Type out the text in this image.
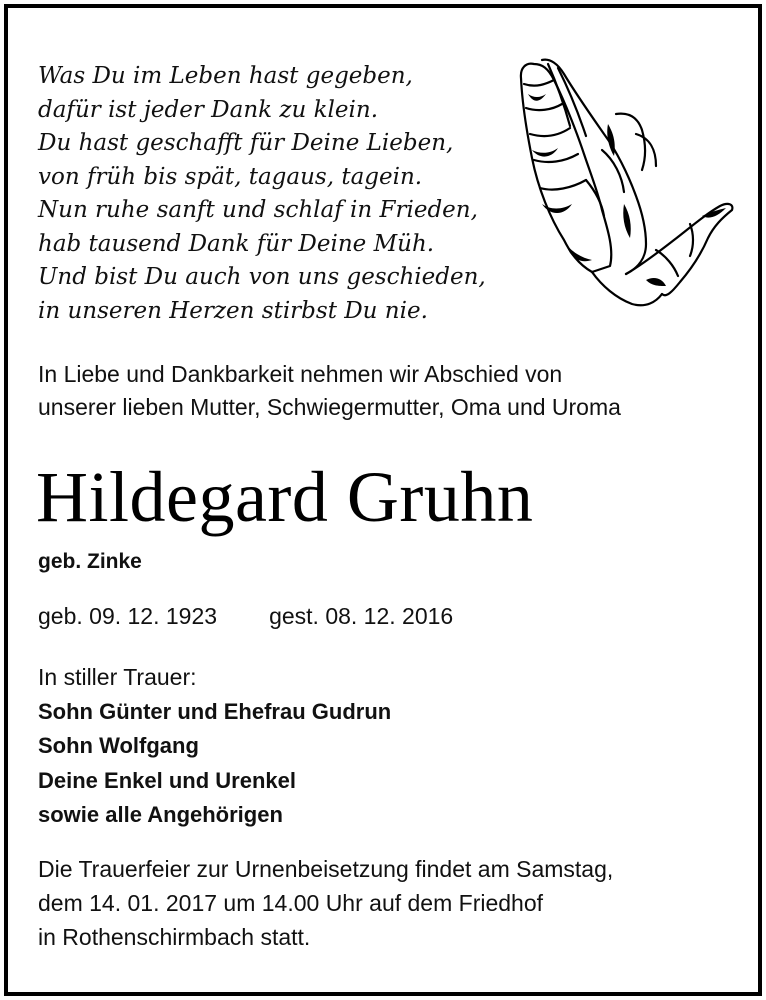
Was Du im Leben hast gegeben,
dafür ist jeder Dank zu klein.
Du hast geschafft für Deine Lieben,
von früh bis spät, tagaus, tagein.
Nun ruhe sanft und schlaf in Frieden,
hab tausend Dank für Deine Müh.
Und bist Du auch von uns geschieden,
in unseren Herzen stirbst Du nie.
In Liebe und Dankbarkeit nehmen wir Abschied von
unserer lieben Mutter, Schwiegermutter, Oma und Uroma
Hildegard Gruhn
geb. Zinke
geb. 09. 12. 1923 gest. 08. 12. 2016
In stiller Trauer:
Sohn Günter und Ehefrau Gudrun
Sohn Wolfgang
Deine Enkel und Urenkel
sowie alle Angehörigen
Die Trauerfeier zur Urnenbeisetzung findet am Samstag,
dem 14. 01. 2017 um 14.00 Uhr auf dem Friedhof
in Rothenschirmbach statt.
